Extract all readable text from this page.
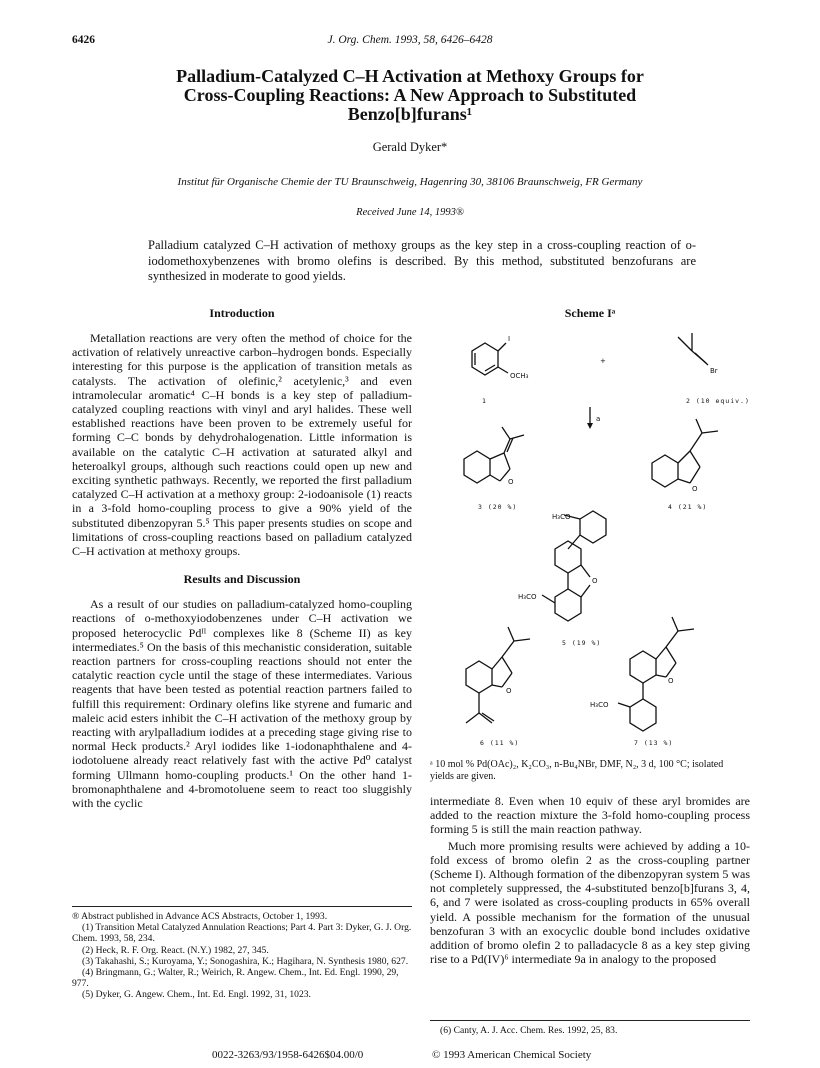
6426	J. Org. Chem. 1993, 58, 6426–6428
Palladium-Catalyzed C–H Activation at Methoxy Groups for
Cross-Coupling Reactions: A New Approach to Substituted
Benzo[b]furans¹
Gerald Dyker*
Institut für Organische Chemie der TU Braunschweig, Hagenring 30, 38106 Braunschweig, FR Germany
Received June 14, 1993®
Palladium catalyzed C–H activation of methoxy groups as the key step in a cross-coupling reaction of o-iodomethoxybenzenes with bromo olefins is described. By this method, substituted benzofurans are synthesized in moderate to good yields.
Introduction

Metallation reactions are very often the method of choice for the activation of relatively unreactive carbon–hydrogen bonds. Especially interesting for this purpose is the application of transition metals as catalysts. The activation of olefinic,² acetylenic,³ and even intramolecular aromatic⁴ C–H bonds is a key step of palladium-catalyzed coupling reactions with vinyl and aryl halides. These well established reactions have been proven to be extremely useful for forming C–C bonds by dehydrohalogenation. Little information is available on the catalytic C–H activation at saturated alkyl and heteroalkyl groups, although such reactions could open up new and exciting synthetic pathways. Recently, we reported the first palladium catalyzed C–H activation at a methoxy group: 2-iodoanisole (1) reacts in a 3-fold homo-coupling process to give a 90% yield of the substituted dibenzopyran 5.⁵ This paper presents studies on scope and limitations of cross-coupling reactions based on palladium catalyzed C–H activation at methoxy groups.

Results and Discussion

As a result of our studies on palladium-catalyzed homo-coupling reactions of o-methoxyiodobenzenes under C–H activation we proposed heterocyclic Pdᴵᴵ complexes like 8 (Scheme II) as key intermediates.⁵ On the basis of this mechanistic consideration, suitable reaction partners for cross-coupling reactions should not enter the catalytic reaction cycle until the stage of these intermediates. Various reagents that have been tested as potential reaction partners failed to fulfill this requirement: Ordinary olefins like styrene and fumaric and maleic acid esters inhibit the C–H activation of the methoxy group by reacting with arylpalladium iodides at a preceding stage giving rise to normal Heck products.² Aryl iodides like 1-iodonaphthalene and 4-iodotoluene already react relatively fast with the active Pd⁰ catalyst forming Ullmann homo-coupling products.¹ On the other hand 1-bromonaphthalene and 4-bromotoluene seem to react too sluggishly with the cyclic

® Abstract published in Advance ACS Abstracts, October 1, 1993.

(1) Transition Metal Catalyzed Annulation Reactions; Part 4. Part 3: Dyker, G. J. Org. Chem. 1993, 58, 234.

(2) Heck, R. F. Org. React. (N.Y.) 1982, 27, 345.

(3) Takahashi, S.; Kuroyama, Y.; Sonogashira, K.; Hagihara, N. Synthesis 1980, 627.

(4) Bringmann, G.; Walter, R.; Weirich, R. Angew. Chem., Int. Ed. Engl. 1990, 29, 977.

(5) Dyker, G. Angew. Chem., Int. Ed. Engl. 1992, 31, 1023.

Scheme Iᵃ
I
OCH₃
+
Br
1	2 (10 equiv.)
a
O
3 (20 %)
O
4 (21 %)
H₃CO
O
H₃CO
5 (19 %)
O
6 (11 %)
O
H₃CO
7 (13 %)
ᵃ 10 mol % Pd(OAc)₂, K₂CO₃, n-Bu₄NBr, DMF, N₂, 3 d, 100 °C; isolated yields are given.

intermediate 8. Even when 10 equiv of these aryl bromides are added to the reaction mixture the 3-fold homo-coupling process forming 5 is still the main reaction pathway.

Much more promising results were achieved by adding a 10-fold excess of bromo olefin 2 as the cross-coupling partner (Scheme I). Although formation of the dibenzopyran system 5 was not completely suppressed, the 4-substituted benzo[b]furans 3, 4, 6, and 7 were isolated as cross-coupling products in 65% overall yield. A possible mechanism for the formation of the unusual benzofuran 3 with an exocyclic double bond includes oxidative addition of bromo olefin 2 to palladacycle 8 as a key step giving rise to a Pd(IV)⁶ intermediate 9a in analogy to the proposed

(6) Canty, A. J. Acc. Chem. Res. 1992, 25, 83.
0022-3263/93/1958-6426$04.00/0	© 1993 American Chemical Society
